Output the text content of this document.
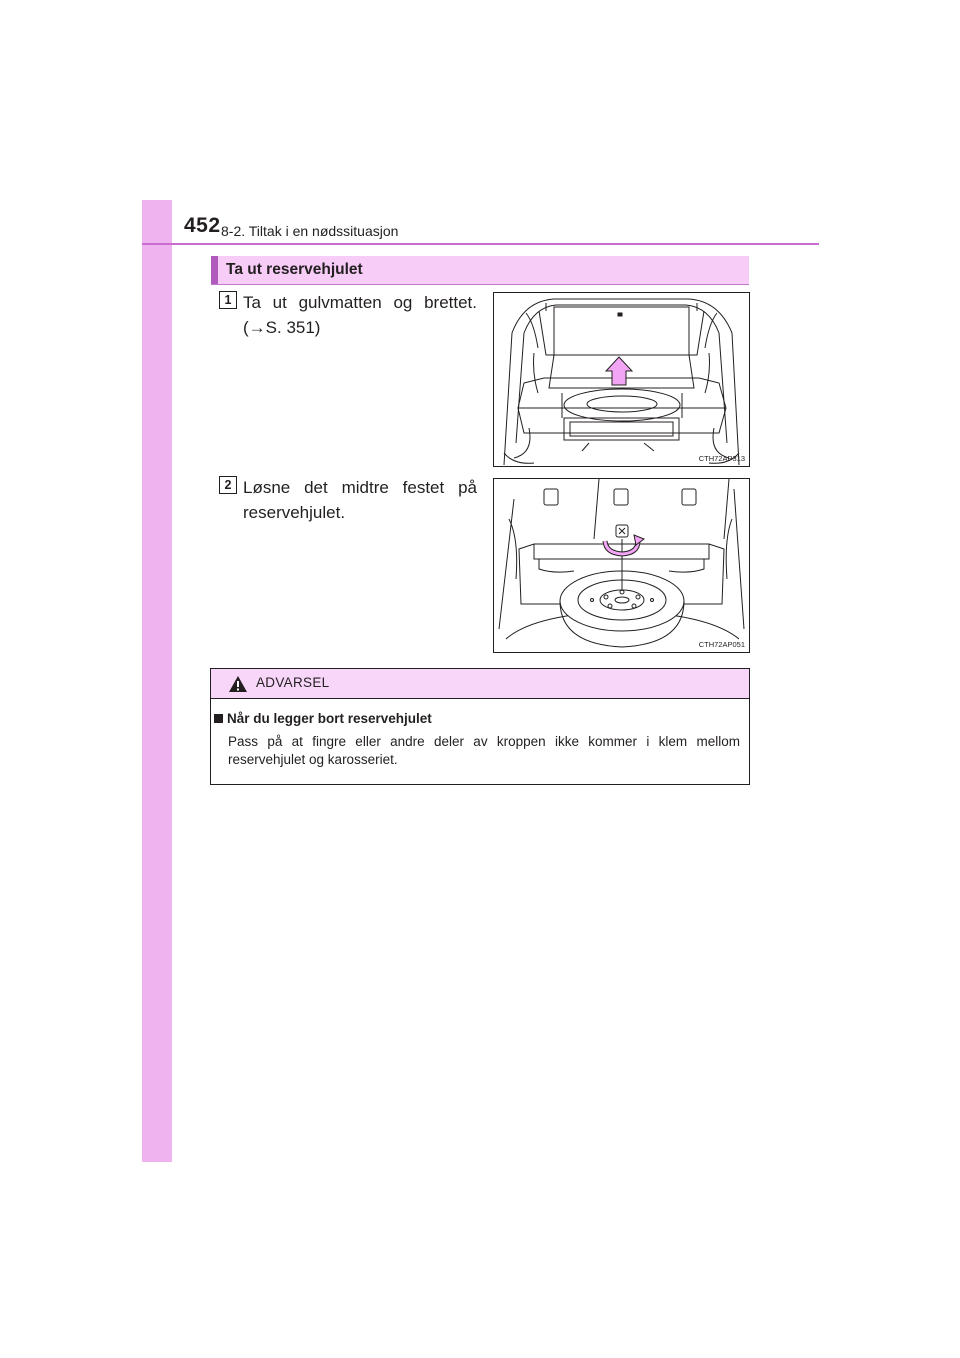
452 8-2. Tiltak i en nødssituasjon
Ta ut reservehjulet
1 Ta ut gulvmatten og brettet. (→S. 351)
CTH72AP313
2 Løsne det midtre festet på reservehjulet.
CTH72AP051
ADVARSEL
Når du legger bort reservehjulet
Pass på at fingre eller andre deler av kroppen ikke kommer i klem mellom reservehjulet og karosseriet.
